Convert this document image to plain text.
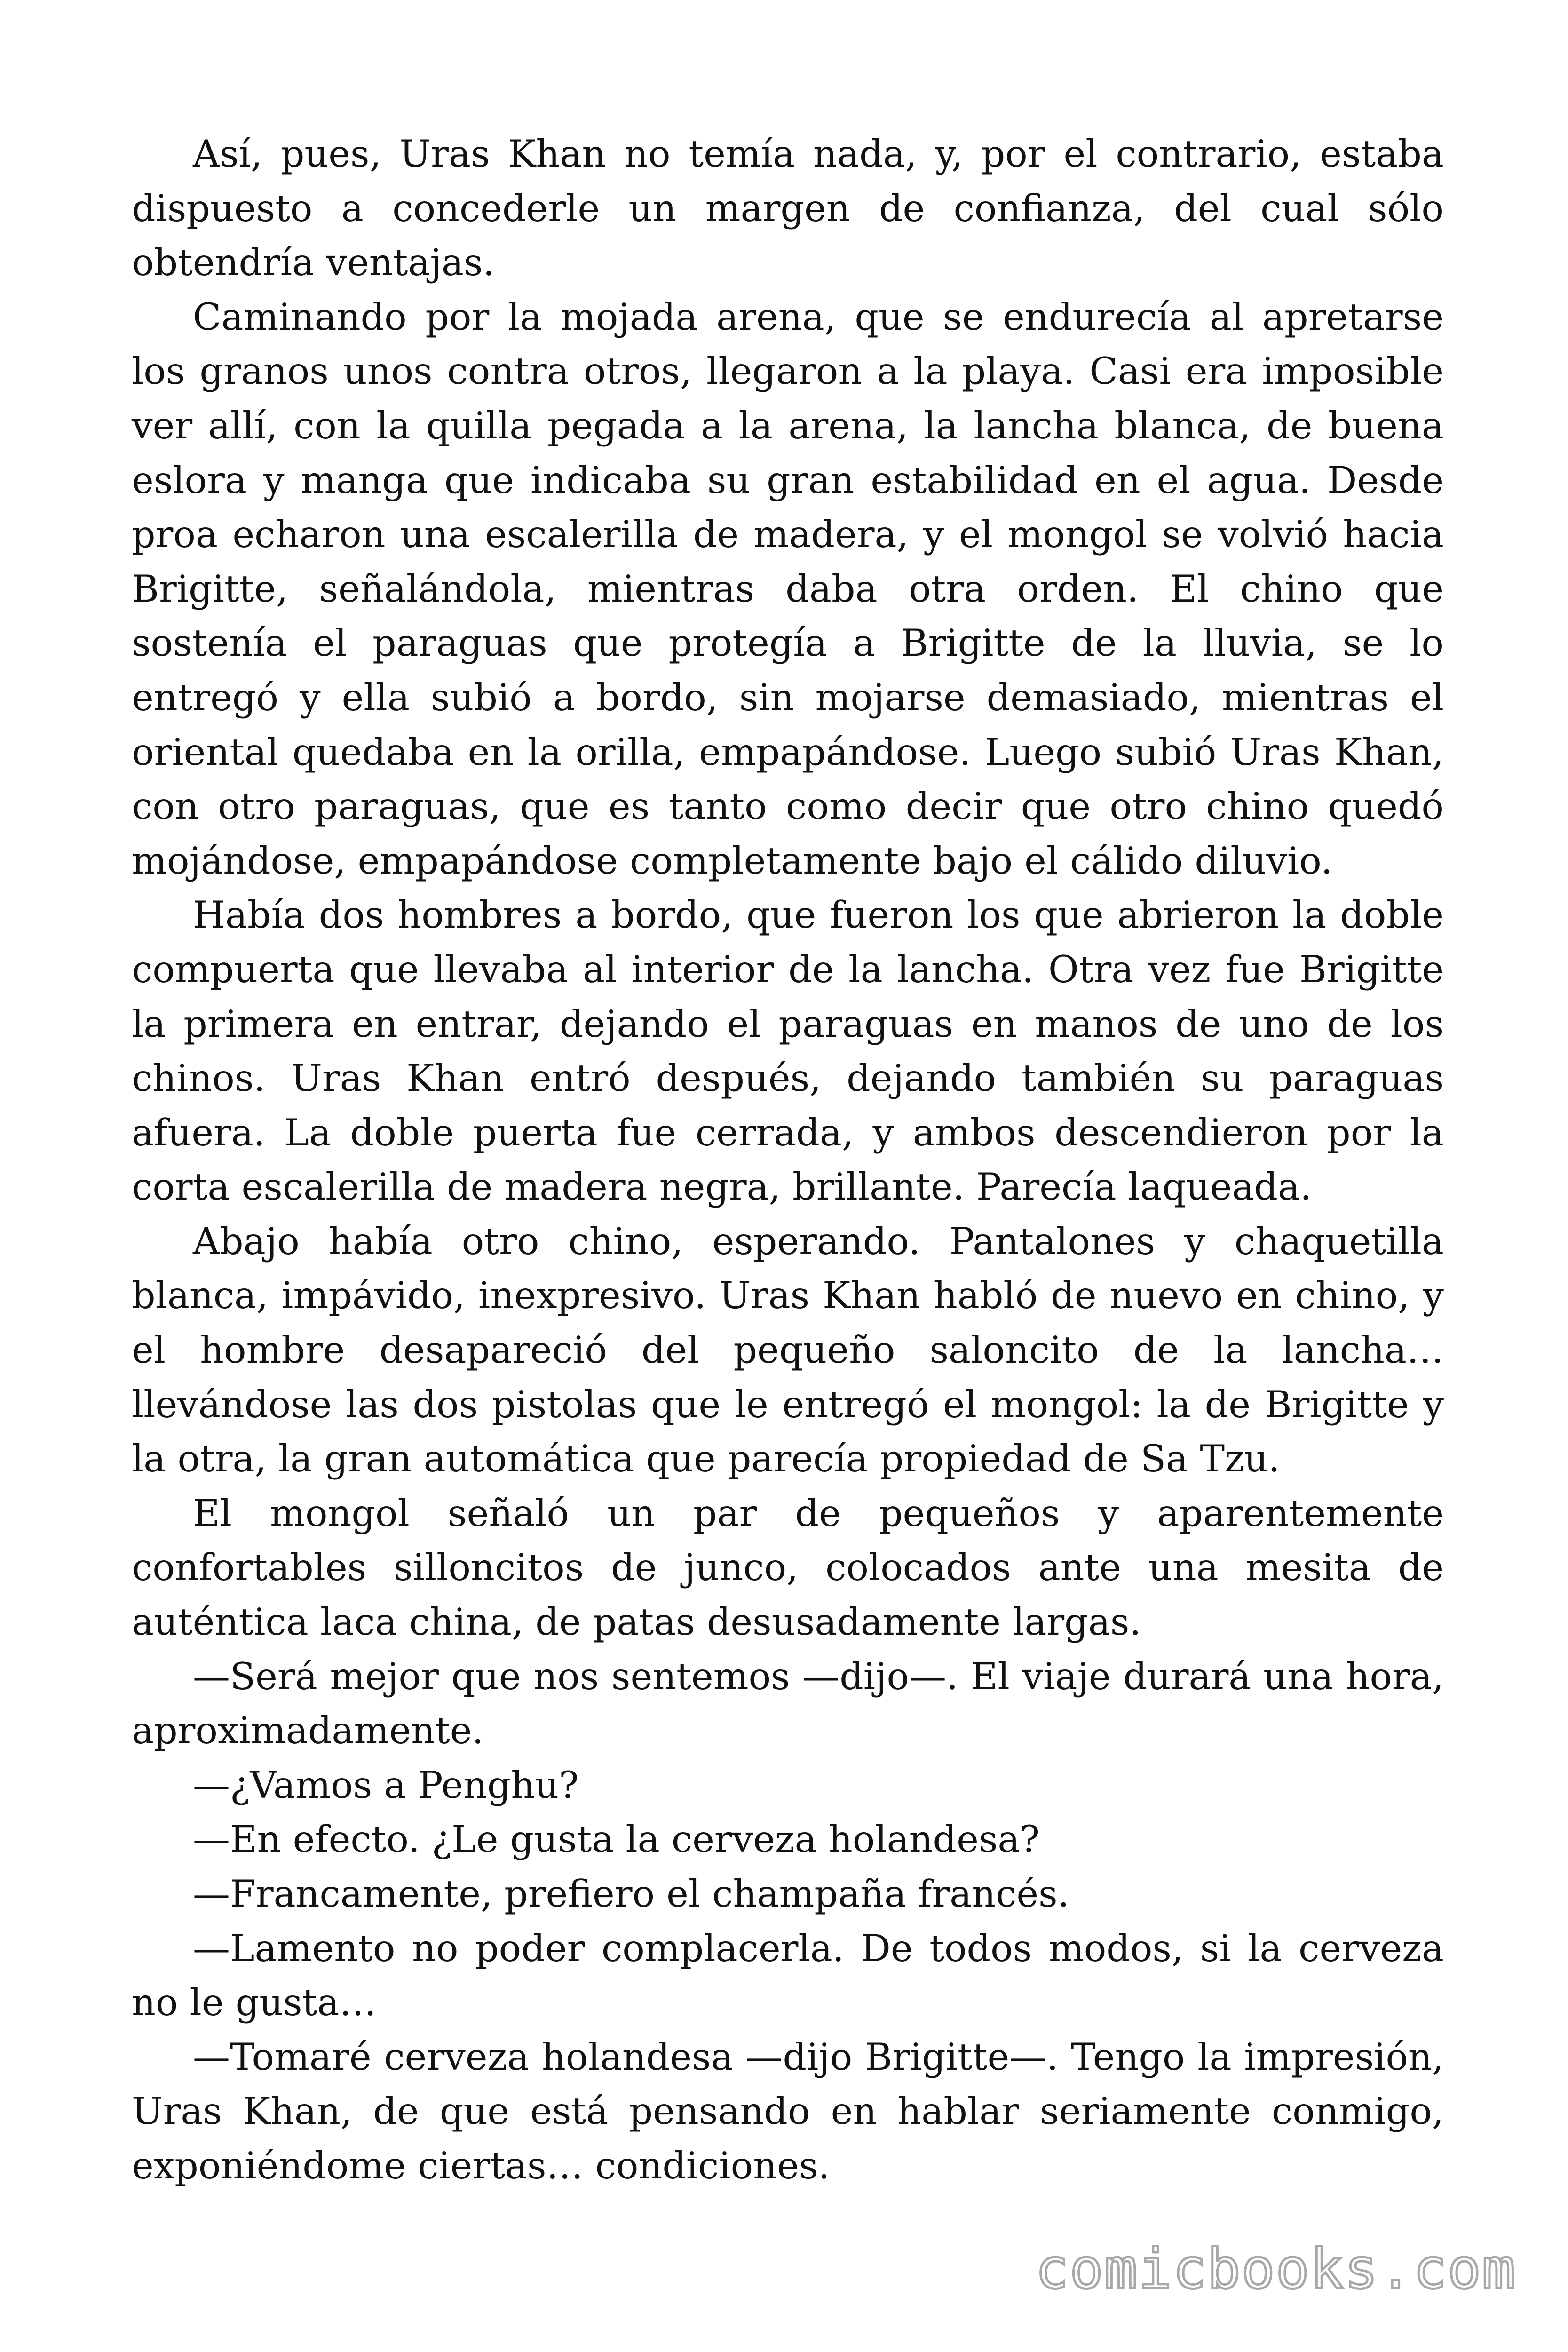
Así, pues, Uras Khan no temía nada, y, por el contrario, estaba dispuesto a concederle un margen de confianza, del cual sólo obtendría ventajas.

Caminando por la mojada arena, que se endurecía al apretarse los granos unos contra otros, llegaron a la playa. Casi era imposible ver allí, con la quilla pegada a la arena, la lancha blanca, de buena eslora y manga que indicaba su gran estabilidad en el agua. Desde proa echaron una escalerilla de madera, y el mongol se volvió hacia Brigitte, señalándola, mientras daba otra orden. El chino que sostenía el paraguas que protegía a Brigitte de la lluvia, se lo entregó y ella subió a bordo, sin mojarse demasiado, mientras el oriental quedaba en la orilla, empapándose. Luego subió Uras Khan, con otro paraguas, que es tanto como decir que otro chino quedó mojándose, empapándose completamente bajo el cálido diluvio.

Había dos hombres a bordo, que fueron los que abrieron la doble compuerta que llevaba al interior de la lancha. Otra vez fue Brigitte la primera en entrar, dejando el paraguas en manos de uno de los chinos. Uras Khan entró después, dejando también su paraguas afuera. La doble puerta fue cerrada, y ambos descendieron por la corta escalerilla de madera negra, brillante. Parecía laqueada.

Abajo había otro chino, esperando. Pantalones y chaquetilla blanca, impávido, inexpresivo. Uras Khan habló de nuevo en chino, y el hombre desapareció del pequeño saloncito de la lancha… llevándose las dos pistolas que le entregó el mongol: la de Brigitte y la otra, la gran automática que parecía propiedad de Sa Tzu.

El mongol señaló un par de pequeños y aparentemente confortables silloncitos de junco, colocados ante una mesita de auténtica laca china, de patas desusadamente largas.

—Será mejor que nos sentemos —dijo—. El viaje durará una hora, aproximadamente.

—¿Vamos a Penghu?

—En efecto. ¿Le gusta la cerveza holandesa?

—Francamente, prefiero el champaña francés.

—Lamento no poder complacerla. De todos modos, si la cerveza no le gusta…

—Tomaré cerveza holandesa —dijo Brigitte—. Tengo la impresión, Uras Khan, de que está pensando en hablar seriamente conmigo, exponiéndome ciertas… condiciones.

comicbooks.com
